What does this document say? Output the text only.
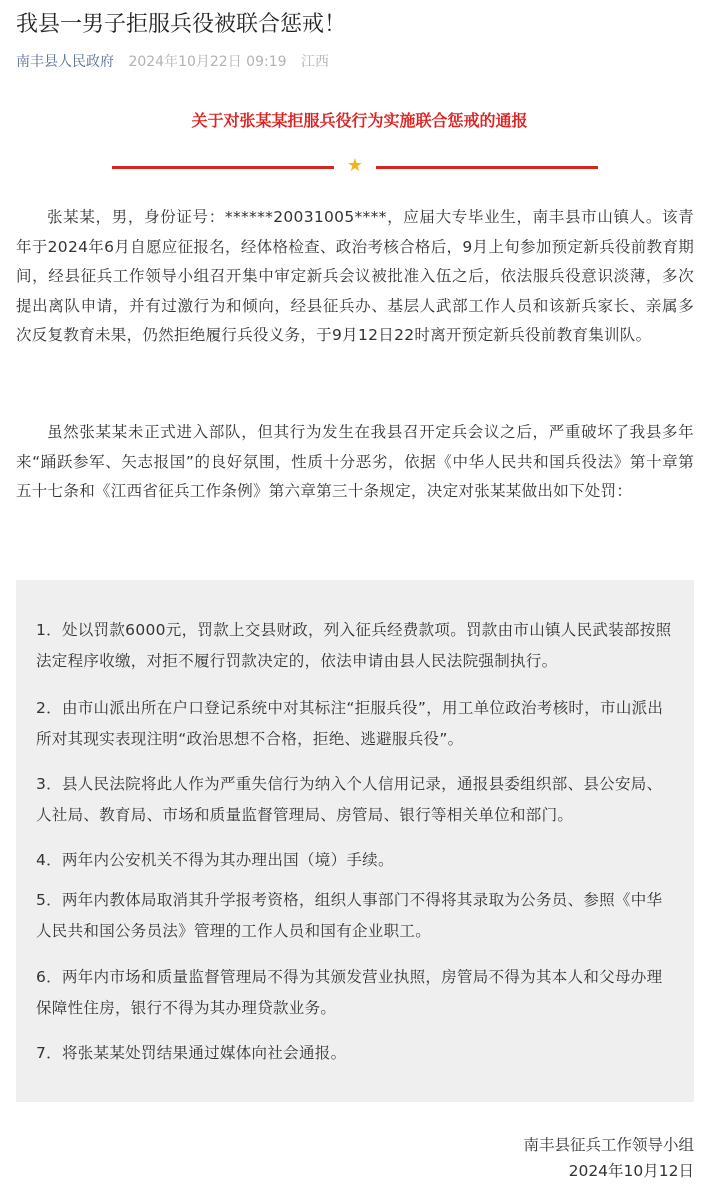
我县一男子拒服兵役被联合惩戒！
南丰县人民政府 2024年10月22日 09:19 江西
关于对张某某拒服兵役行为实施联合惩戒的通报
★

张某某，男，身份证号：******20031005****，应届大专毕业生，南丰县市山镇人。该青年于2024年6月自愿应征报名，经体格检查、政治考核合格后，9月上旬参加预定新兵役前教育期间，经县征兵工作领导小组召开集中审定新兵会议被批准入伍之后，依法服兵役意识淡薄，多次提出离队申请，并有过激行为和倾向，经县征兵办、基层人武部工作人员和该新兵家长、亲属多次反复教育未果，仍然拒绝履行兵役义务，于9月12日22时离开预定新兵役前教育集训队。

虽然张某某未正式进入部队，但其行为发生在我县召开定兵会议之后，严重破坏了我县多年来“踊跃参军、矢志报国”的良好氛围，性质十分恶劣，依据《中华人民共和国兵役法》第十章第五十七条和《江西省征兵工作条例》第六章第三十条规定，决定对张某某做出如下处罚：

1．处以罚款6000元，罚款上交县财政，列入征兵经费款项。罚款由市山镇人民武装部按照法定程序收缴，对拒不履行罚款决定的，依法申请由县人民法院强制执行。

2．由市山派出所在户口登记系统中对其标注“拒服兵役”，用工单位政治考核时，市山派出所对其现实表现注明“政治思想不合格，拒绝、逃避服兵役”。

3．县人民法院将此人作为严重失信行为纳入个人信用记录，通报县委组织部、县公安局、人社局、教育局、市场和质量监督管理局、房管局、银行等相关单位和部门。

4．两年内公安机关不得为其办理出国（境）手续。

5．两年内教体局取消其升学报考资格，组织人事部门不得将其录取为公务员、参照《中华人民共和国公务员法》管理的工作人员和国有企业职工。

6．两年内市场和质量监督管理局不得为其颁发营业执照，房管局不得为其本人和父母办理保障性住房，银行不得为其办理贷款业务。

7．将张某某处罚结果通过媒体向社会通报。

南丰县征兵工作领导小组
2024年10月12日
